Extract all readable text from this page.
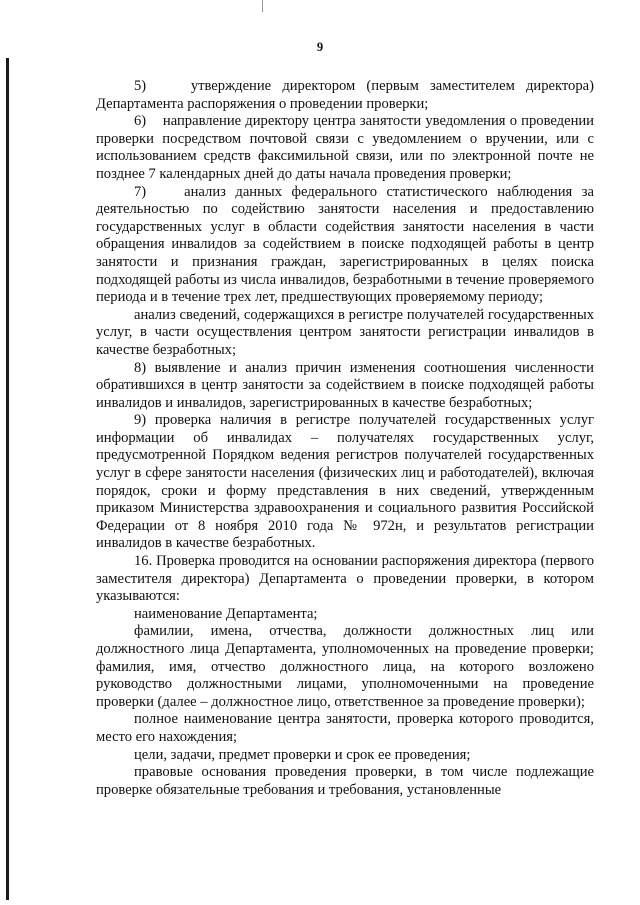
9

5)    утверждение директором (первым заместителем директора) Департамента распоряжения о проведении проверки;

6)    направление директору центра занятости уведомления о проведении проверки посредством почтовой связи с уведомлением о вручении, или с использованием средств факсимильной связи, или по электронной почте не позднее 7 календарных дней до даты начала проведения проверки;

7)    анализ данных федерального статистического наблюдения за деятельностью по содействию занятости населения и предоставлению государственных услуг в области содействия занятости населения в части обращения инвалидов за содействием в поиске подходящей работы в центр занятости и признания граждан, зарегистрированных в целях поиска подходящей работы из числа инвалидов, безработными в течение проверяемого периода и в течение трех лет, предшествующих проверяемому периоду;

анализ сведений, содержащихся в регистре получателей государственных услуг, в части осуществления центром занятости регистрации инвалидов в качестве безработных;

8) выявление и анализ причин изменения соотношения численности обратившихся в центр занятости за содействием в поиске подходящей работы инвалидов и инвалидов, зарегистрированных в качестве безработных;

9) проверка наличия в регистре получателей государственных услуг информации об инвалидах – получателях государственных услуг, предусмотренной Порядком ведения регистров получателей государственных услуг в сфере занятости населения (физических лиц и работодателей), включая порядок, сроки и форму представления в них сведений, утвержденным приказом Министерства здравоохранения и социального развития Российской Федерации от 8 ноября 2010 года № 972н, и результатов регистрации инвалидов в качестве безработных.

16. Проверка проводится на основании распоряжения директора (первого заместителя директора) Департамента о проведении проверки, в котором указываются:

наименование Департамента;

фамилии, имена, отчества, должности должностных лиц или должностного лица Департамента, уполномоченных на проведение проверки; фамилия, имя, отчество должностного лица, на которого возложено руководство должностными лицами, уполномоченными на проведение проверки (далее – должностное лицо, ответственное за проведение проверки);

полное наименование центра занятости, проверка которого проводится, место его нахождения;

цели, задачи, предмет проверки и срок ее проведения;

правовые основания проведения проверки, в том числе подлежащие проверке обязательные требования и требования, установленные
